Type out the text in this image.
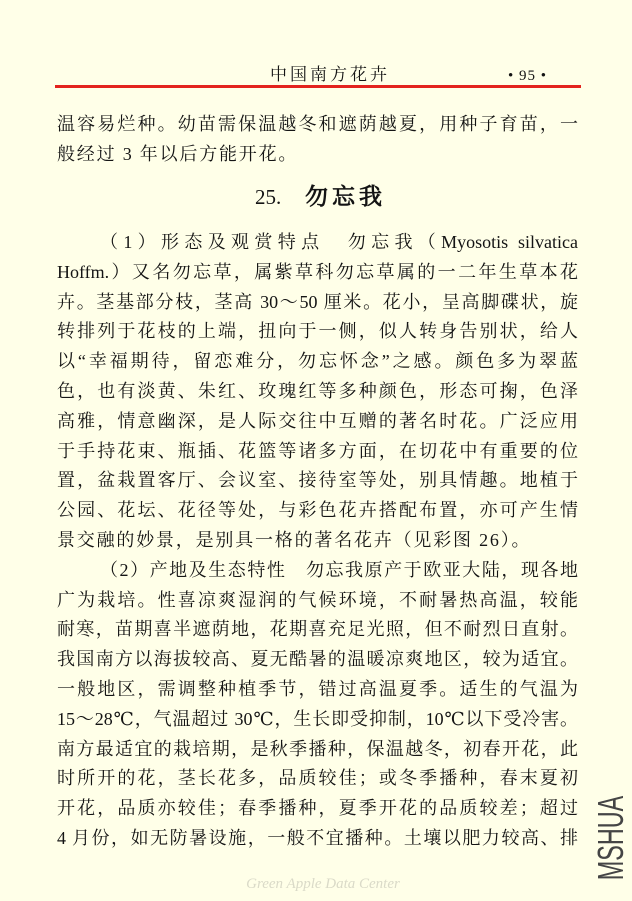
中国南方花卉	• 95 •
温容易烂种。幼苗需保温越冬和遮荫越夏，用种子育苗，一
般经过 3 年以后方能开花。
25.	勿忘我
（1）形态及观赏特点　勿忘我（Myosotis silvatica
Hoffm.）又名勿忘草，属紫草科勿忘草属的一二年生草本花
卉。茎基部分枝，茎高 30～50 厘米。花小，呈高脚碟状，旋
转排列于花枝的上端，扭向于一侧，似人转身告别状，给人
以“幸福期待，留恋难分，勿忘怀念”之感。颜色多为翠蓝
色，也有淡黄、朱红、玫瑰红等多种颜色，形态可掬，色泽
高雅，情意幽深，是人际交往中互赠的著名时花。广泛应用
于手持花束、瓶插、花篮等诸多方面，在切花中有重要的位
置，盆栽置客厅、会议室、接待室等处，别具情趣。地植于
公园、花坛、花径等处，与彩色花卉搭配布置，亦可产生情
景交融的妙景，是别具一格的著名花卉（见彩图 26）。
（2）产地及生态特性　勿忘我原产于欧亚大陆，现各地
广为栽培。性喜凉爽湿润的气候环境，不耐暑热高温，较能
耐寒，苗期喜半遮荫地，花期喜充足光照，但不耐烈日直射。
我国南方以海拔较高、夏无酷暑的温暖凉爽地区，较为适宜。
一般地区，需调整种植季节，错过高温夏季。适生的气温为
15～28℃，气温超过 30℃，生长即受抑制，10℃以下受冷害。
南方最适宜的栽培期，是秋季播种，保温越冬，初春开花，此
时所开的花，茎长花多，品质较佳；或冬季播种，春末夏初
开花，品质亦较佳；春季播种，夏季开花的品质较差；超过
4 月份，如无防暑设施，一般不宜播种。土壤以肥力较高、排 MSHUA
Green Apple Data Center
